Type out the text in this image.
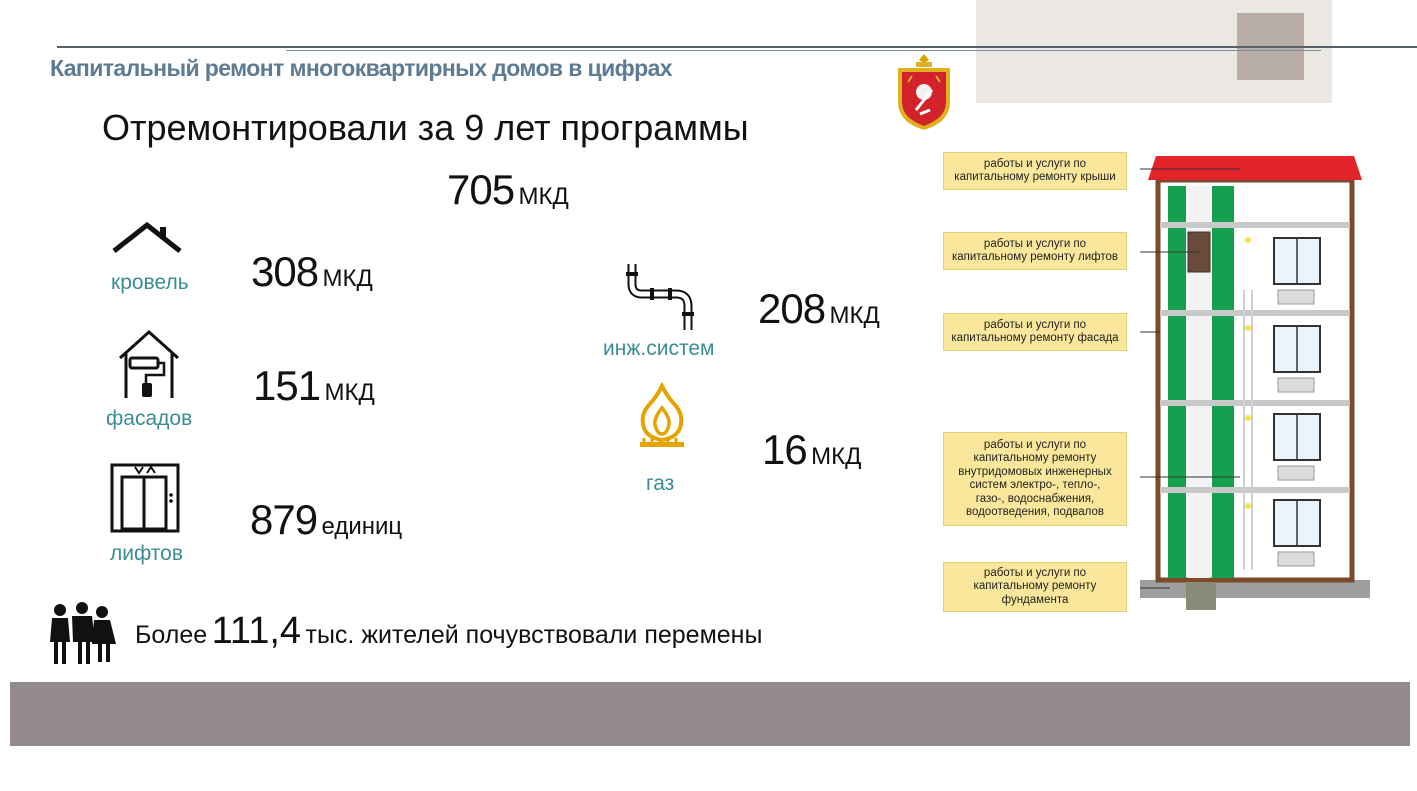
Капитальный ремонт многоквартирных домов в цифрах
Отремонтировали за 9 лет программы
705 МКД
кровель 308 МКД
фасадов
151 МКД
лифтов
879 единиц
инж.систем
208 МКД
газ
16 МКД
Более 111,4 тыс. жителей почувствовали перемены
работы и услуги по
капитальному ремонту крыши
работы и услуги по
капитальному ремонту лифтов
работы и услуги по
капитальному ремонту фасада
работы и услуги по
капитальному ремонту
внутридомовых инженерных
систем электро-, тепло-,
газо-, водоснабжения,
водоотведения, подвалов
работы и услуги по
капитальному ремонту
фундамента
